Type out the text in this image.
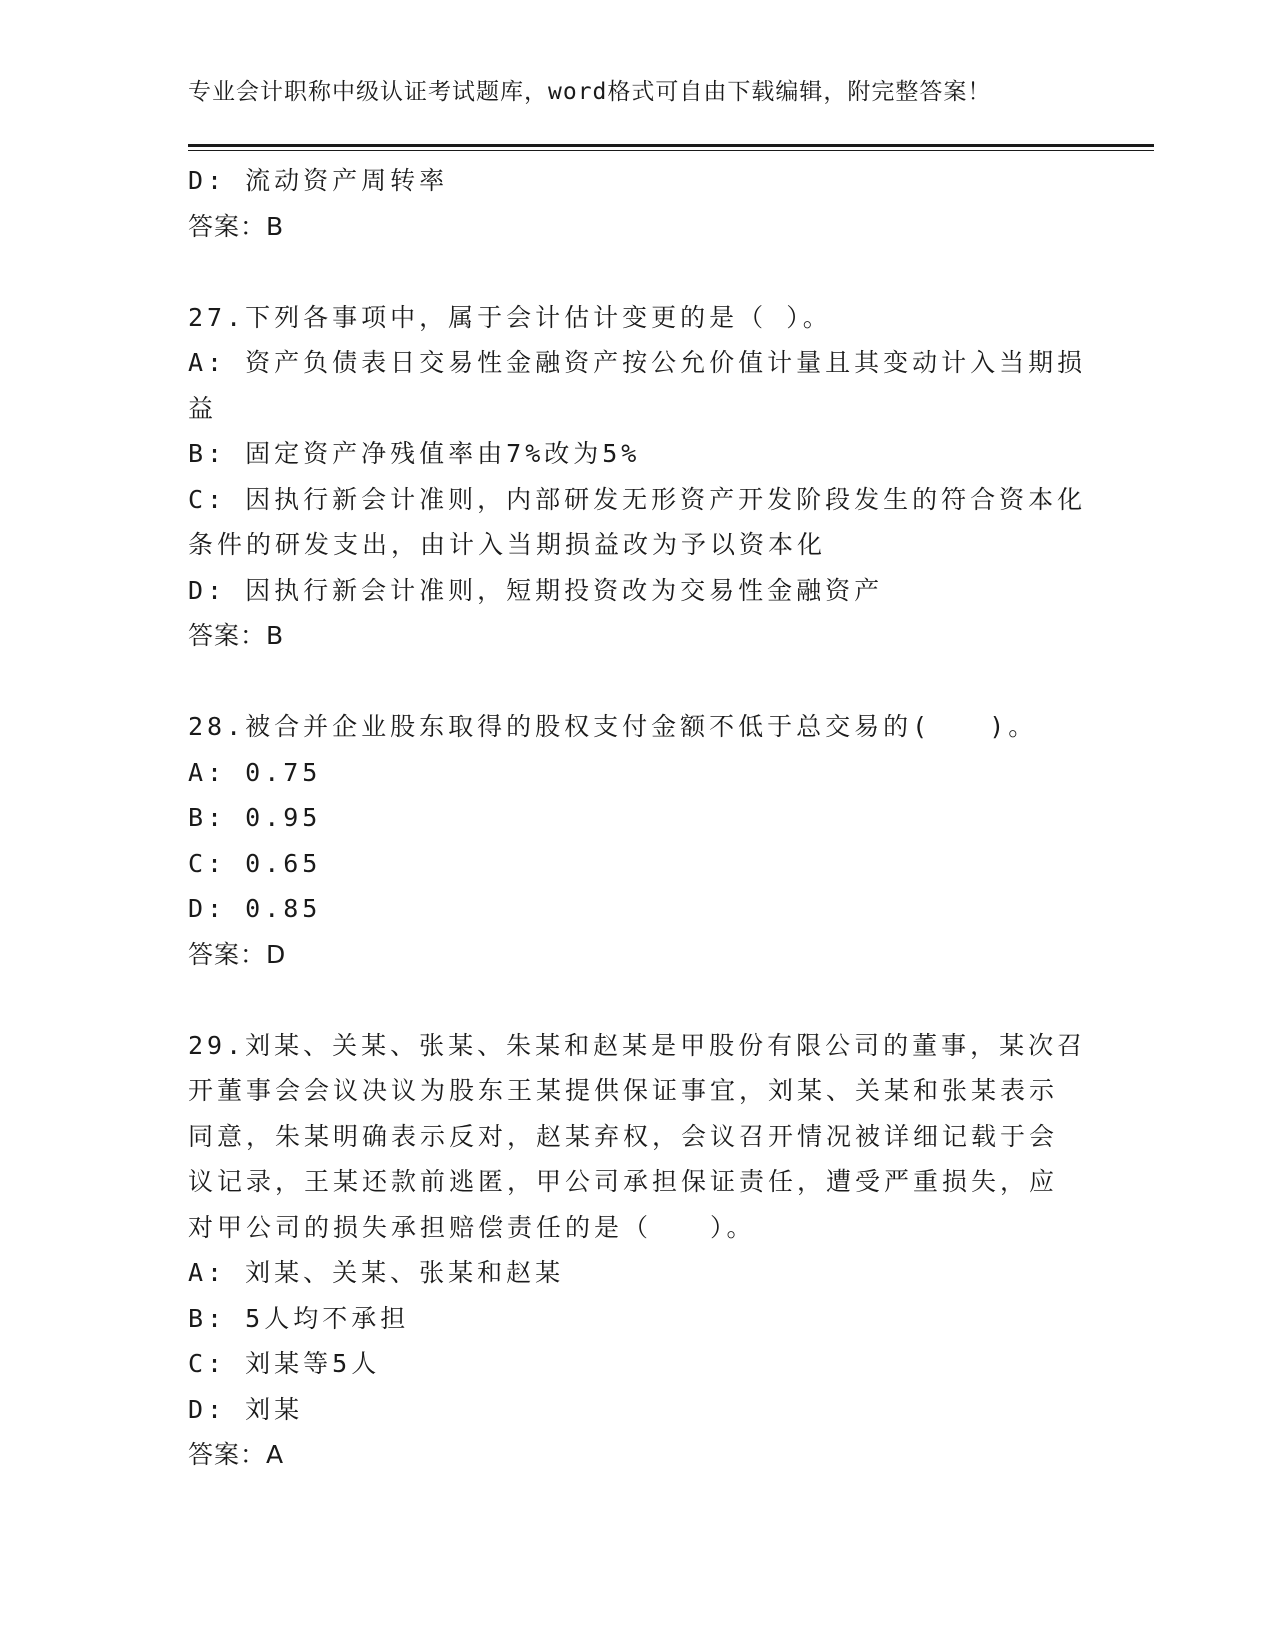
专业会计职称中级认证考试题库，word格式可自由下载编辑，附完整答案！
D: 流动资产周转率
答案：B
27.下列各事项中，属于会计估计变更的是（ ）。
A: 资产负债表日交易性金融资产按公允价值计量且其变动计入当期损
益
B: 固定资产净残值率由7%改为5%
C: 因执行新会计准则，内部研发无形资产开发阶段发生的符合资本化
条件的研发支出，由计入当期损益改为予以资本化
D: 因执行新会计准则，短期投资改为交易性金融资产
答案：B
28.被合并企业股东取得的股权支付金额不低于总交易的(　　)。
A: 0.75
B: 0.95
C: 0.65
D: 0.85
答案：D
29.刘某、关某、张某、朱某和赵某是甲股份有限公司的董事，某次召
开董事会会议决议为股东王某提供保证事宜，刘某、关某和张某表示
同意，朱某明确表示反对，赵某弃权，会议召开情况被详细记载于会
议记录，王某还款前逃匿，甲公司承担保证责任，遭受严重损失，应
对甲公司的损失承担赔偿责任的是（　　）。
A: 刘某、关某、张某和赵某
B: 5人均不承担
C: 刘某等5人
D: 刘某
答案：A
